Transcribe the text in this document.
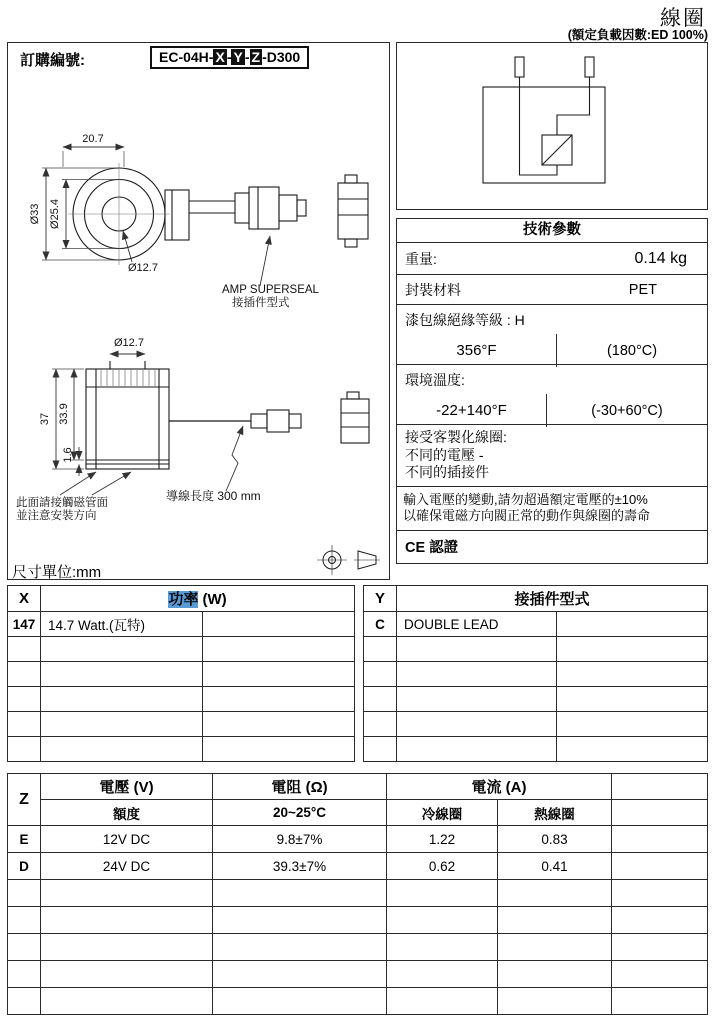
線圈
(額定負載因數:ED 100%)
訂購編號:	EC-04H- X - Y - Z -D300
20.7
Ø33 Ø25.4
Ø12.7
AMP SUPERSEAL
接插件型式
Ø12.7
37 33.9
1.6
導線長度 300 mm
此面請接觸磁管面
並注意安裝方向
尺寸單位:mm
技術參數
重量:	0.14 kg
封裝材料	PET
漆包線絕緣等級 : H
356°F	(180°C)
環境溫度:
-22+140°F	(-30+60°C)
接受客製化線圈:
不同的電壓 -
不同的插接件
輸入電壓的變動,請勿超過額定電壓的±10%
以確保電磁方向閥正常的動作與線圈的壽命
CE 認證
X	功率 (W)	
147	14.7 Watt.(瓦特)	

Y	接插件型式	
C	DOUBLE LEAD	

Z	電壓 (V)	電阻 (Ω)	電流 (A)		
	額度	20~25°C	冷線圈	熱線圈	
E	12V DC	9.8±7%	1.22	0.83	
D	24V DC	39.3±7%	0.62	0.41	
